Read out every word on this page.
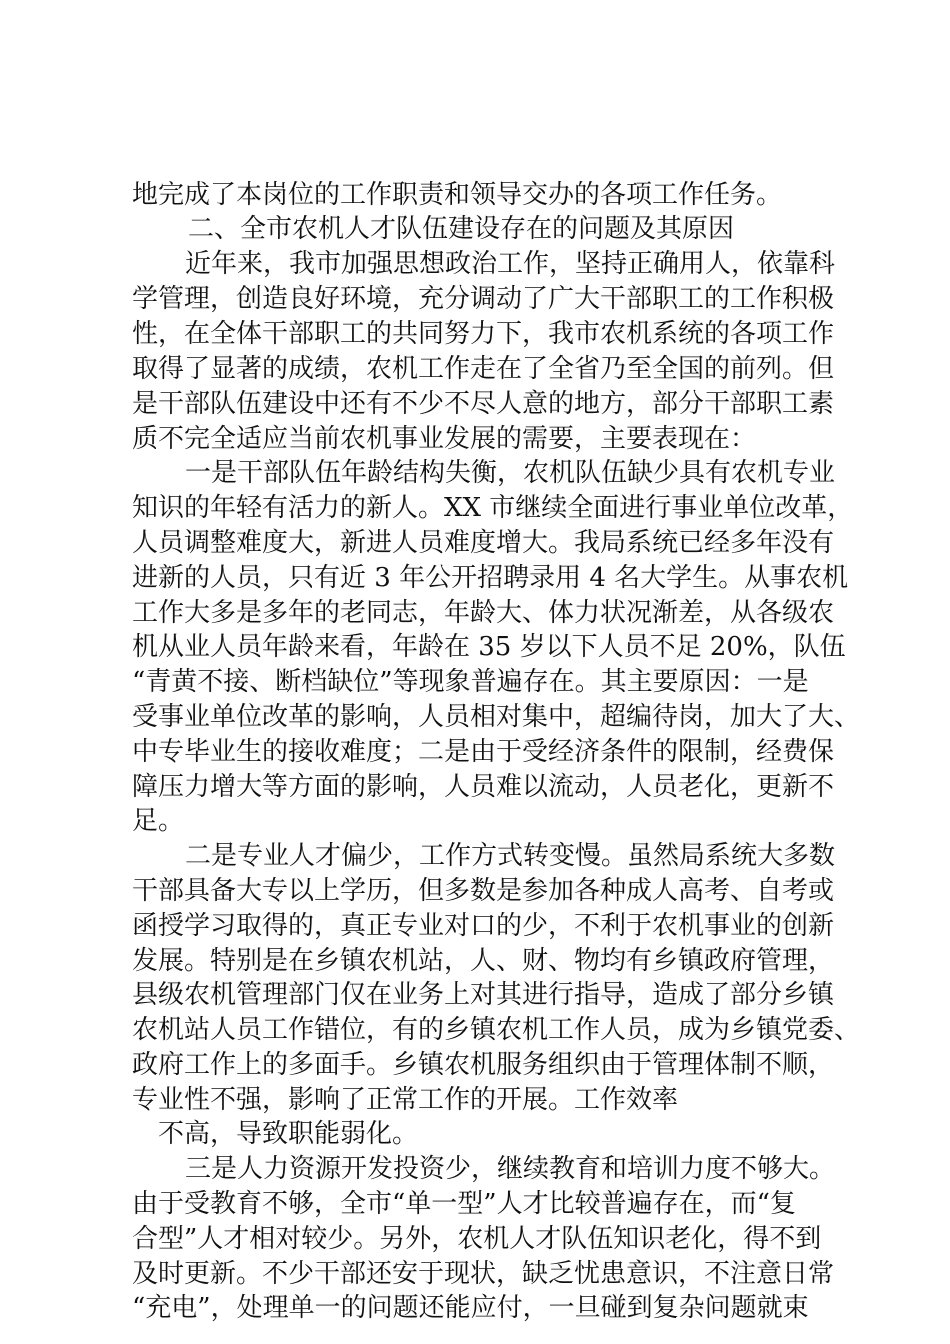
地完成了本岗位的工作职责和领导交办的各项工作任务。
二、全市农机人才队伍建设存在的问题及其原因
近年来，我市加强思想政治工作，坚持正确用人，依靠科
学管理，创造良好环境，充分调动了广大干部职工的工作积极
性，在全体干部职工的共同努力下，我市农机系统的各项工作
取得了显著的成绩，农机工作走在了全省乃至全国的前列。但
是干部队伍建设中还有不少不尽人意的地方，部分干部职工素
质不完全适应当前农机事业发展的需要，主要表现在：
一是干部队伍年龄结构失衡，农机队伍缺少具有农机专业
知识的年轻有活力的新人。XX 市继续全面进行事业单位改革，
人员调整难度大，新进人员难度增大。我局系统已经多年没有
进新的人员，只有近 3 年公开招聘录用 4 名大学生。从事农机
工作大多是多年的老同志，年龄大、体力状况渐差，从各级农
机从业人员年龄来看，年龄在 35 岁以下人员不足 20%，队伍
“青黄不接、断档缺位”等现象普遍存在。其主要原因：一是
受事业单位改革的影响，人员相对集中，超编待岗，加大了大、
中专毕业生的接收难度；二是由于受经济条件的限制，经费保
障压力增大等方面的影响，人员难以流动，人员老化，更新不
足。
二是专业人才偏少，工作方式转变慢。虽然局系统大多数
干部具备大专以上学历，但多数是参加各种成人高考、自考或
函授学习取得的，真正专业对口的少，不利于农机事业的创新
发展。特别是在乡镇农机站，人、财、物均有乡镇政府管理，
县级农机管理部门仅在业务上对其进行指导，造成了部分乡镇
农机站人员工作错位，有的乡镇农机工作人员，成为乡镇党委、
政府工作上的多面手。乡镇农机服务组织由于管理体制不顺，
专业性不强，影响了正常工作的开展。工作效率
不高，导致职能弱化。
三是人力资源开发投资少，继续教育和培训力度不够大。
由于受教育不够，全市“单一型”人才比较普遍存在，而“复
合型”人才相对较少。另外，农机人才队伍知识老化，得不到
及时更新。不少干部还安于现状，缺乏忧患意识，不注意日常
“充电”，处理单一的问题还能应付，一旦碰到复杂问题就束
